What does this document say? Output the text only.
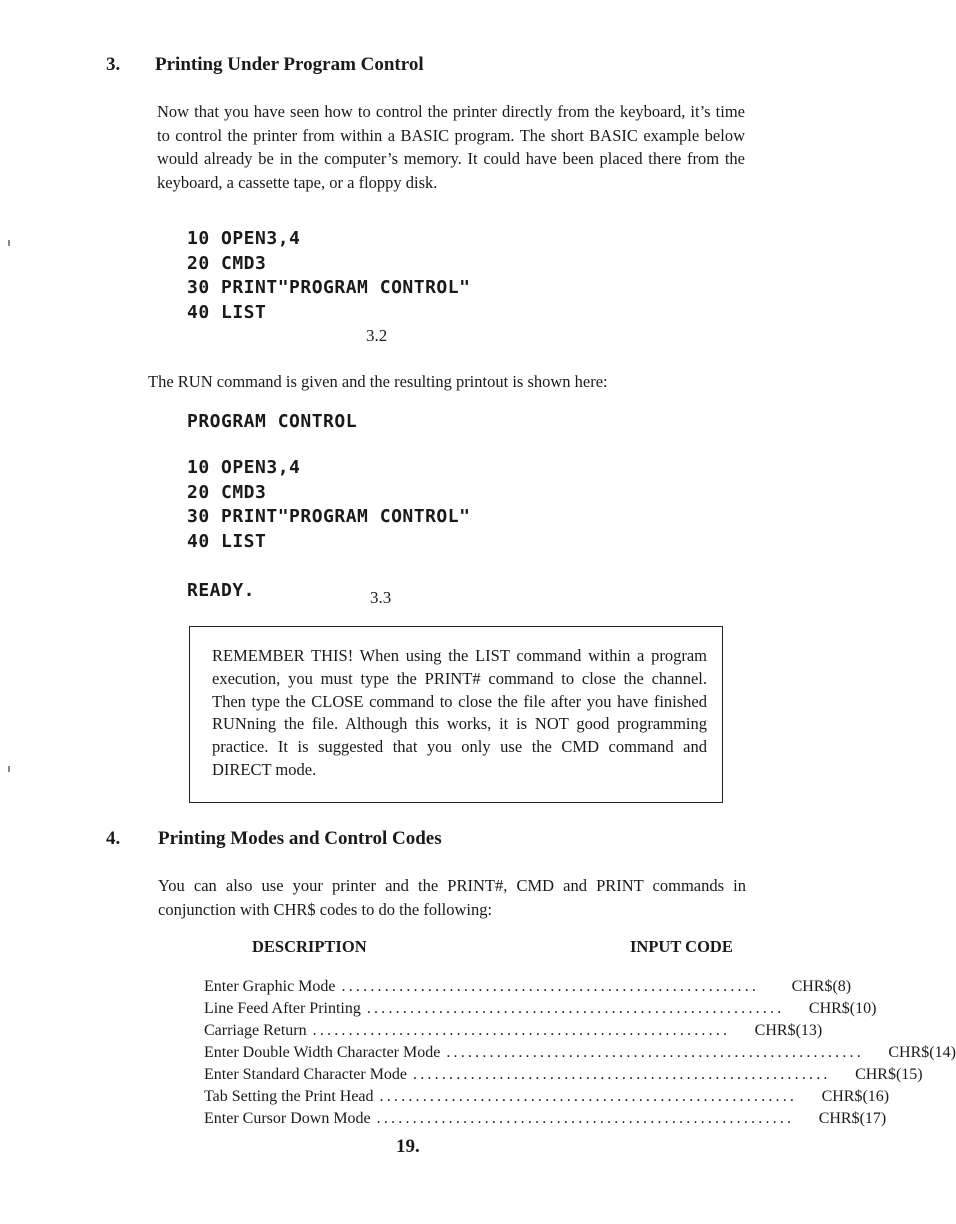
3. Printing Under Program Control
Now that you have seen how to control the printer directly from the keyboard, it’s time to control the printer from within a BASIC program. The short BASIC example below would already be in the computer’s memory. It could have been placed there from the keyboard, a cassette tape, or a floppy disk.
10 OPEN3,4
20 CMD3
30 PRINT"PROGRAM CONTROL"
40 LIST
3.2
The RUN command is given and the resulting printout is shown here:
PROGRAM CONTROL
10 OPEN3,4
20 CMD3
30 PRINT"PROGRAM CONTROL"
40 LIST
READY.	3.3
REMEMBER THIS! When using the LIST command within a program execution, you must type the PRINT# command to close the channel. Then type the CLOSE command to close the file after you have finished RUNning the file. Although this works, it is NOT good programming practice. It is suggested that you only use the CMD command and DIRECT mode.
4. Printing Modes and Control Codes
You can also use your printer and the PRINT#, CMD and PRINT commands in conjunction with CHR$ codes to do the following:
DESCRIPTION	INPUT CODE
Enter Graphic Mode ..........................................................	CHR$(8)
Line Feed After Printing ..........................................................	CHR$(10)
Carriage Return ..........................................................	CHR$(13)
Enter Double Width Character Mode ..........................................................	CHR$(14)
Enter Standard Character Mode ..........................................................	CHR$(15)
Tab Setting the Print Head ..........................................................	CHR$(16)
Enter Cursor Down Mode ..........................................................	CHR$(17)
19.
